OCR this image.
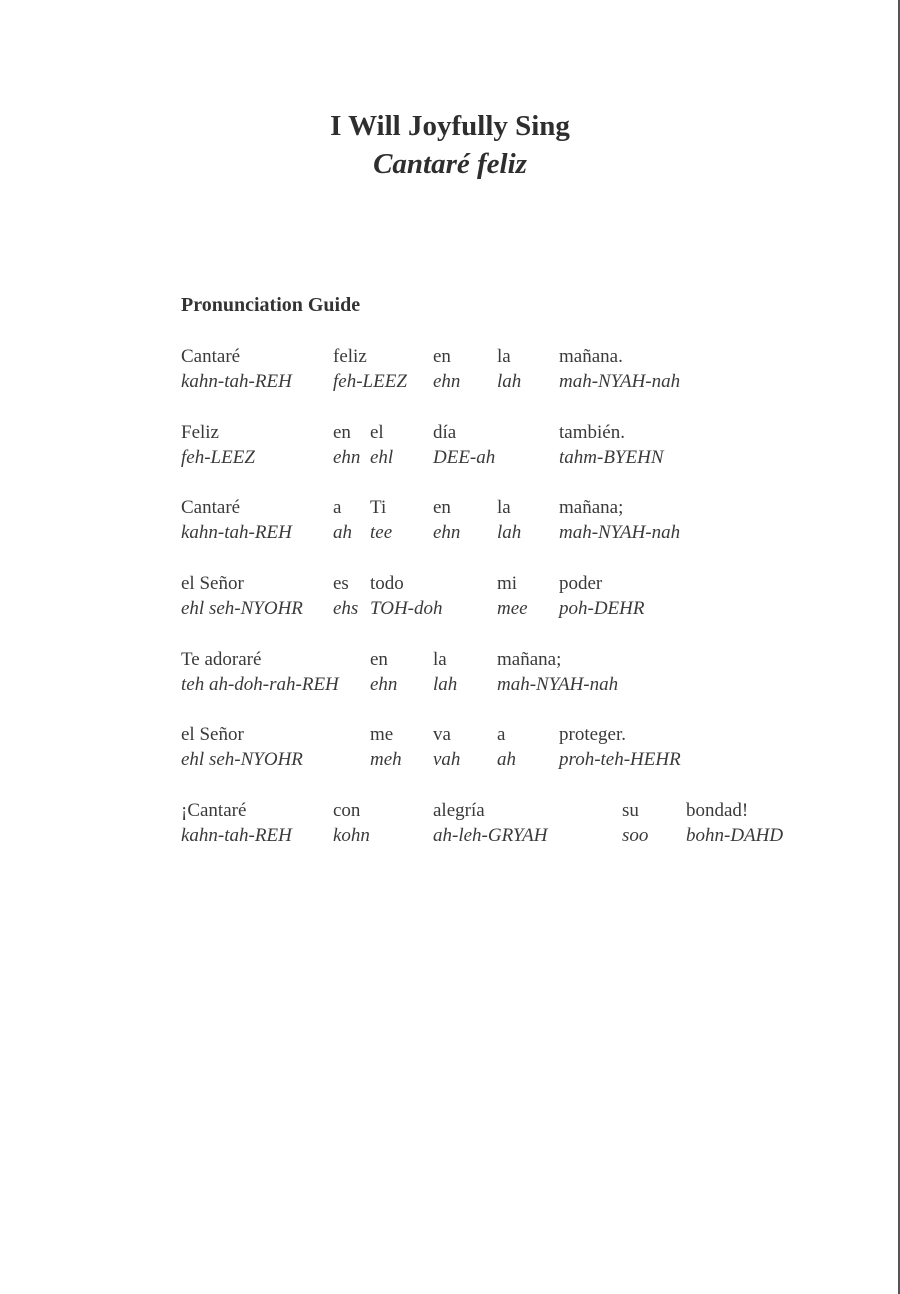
I Will Joyfully Sing
Cantaré feliz
Pronunciation Guide
Cantaré
kahn-tah-REH
feliz
feh-LEEZ
en
ehn
la
lah
mañana.
mah-NYAH-nah
Feliz
feh-LEEZ
en
ehn
el
ehl
día
DEE-ah
también.
tahm-BYEHN
Cantaré
kahn-tah-REH
a
ah
Ti
tee
en
ehn
la
lah
mañana;
mah-NYAH-nah
el Señor
ehl seh-NYOHR
es
ehs
todo
TOH-doh
mi
mee
poder
poh-DEHR
Te adoraré
teh ah-doh-rah-REH
en
ehn
la
lah
mañana;
mah-NYAH-nah
el Señor
ehl seh-NYOHR
me
meh
va
vah
a
ah
proteger.
proh-teh-HEHR
¡Cantaré
kahn-tah-REH
con
kohn
alegría
ah-leh-GRYAH
su
soo
bondad!
bohn-DAHD
